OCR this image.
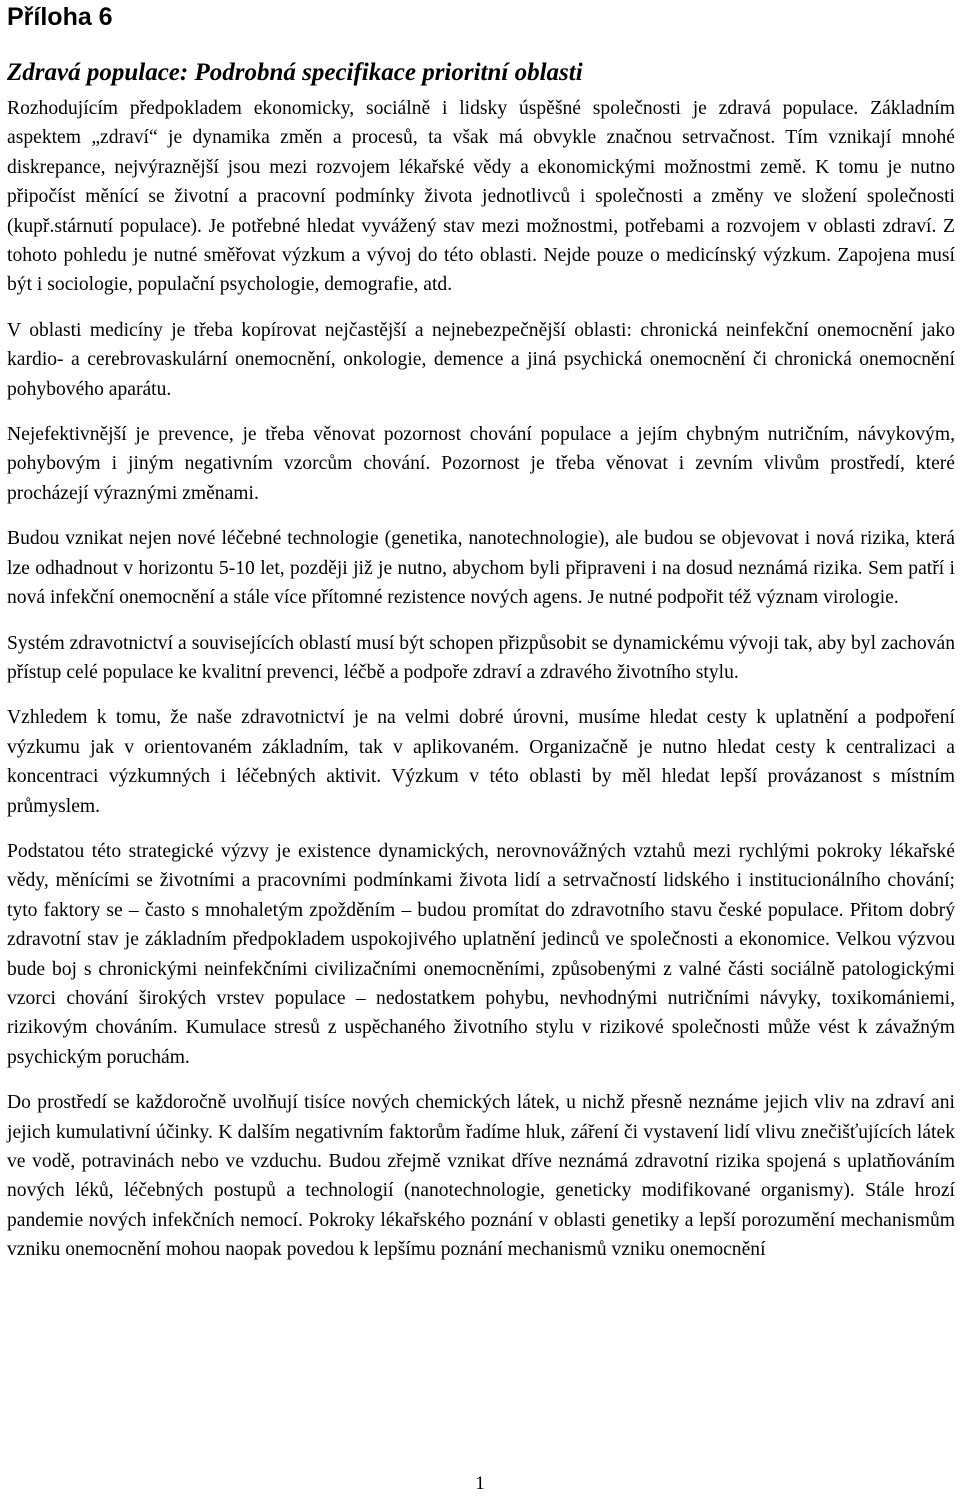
Příloha 6
Zdravá populace: Podrobná specifikace prioritní oblasti

Rozhodujícím předpokladem ekonomicky, sociálně i lidsky úspěšné společnosti je zdravá populace. Základním aspektem „zdraví“ je dynamika změn a procesů, ta však má obvykle značnou setrvačnost. Tím vznikají mnohé diskrepance, nejvýraznější jsou mezi rozvojem lékařské vědy a ekonomickými možnostmi země. K tomu je nutno připočíst měnící se životní a pracovní podmínky života jednotlivců i společnosti a změny ve složení společnosti (kupř.stárnutí populace). Je potřebné hledat vyvážený stav mezi možnostmi, potřebami a rozvojem v oblasti zdraví. Z tohoto pohledu je nutné směřovat výzkum a vývoj do této oblasti. Nejde pouze o medicínský výzkum. Zapojena musí být i sociologie, populační psychologie, demografie, atd.

V oblasti medicíny je třeba kopírovat nejčastější a nejnebezpečnější oblasti: chronická neinfekční onemocnění jako kardio- a cerebrovaskulární onemocnění, onkologie, demence a jiná psychická onemocnění či chronická onemocnění pohybového aparátu.

Nejefektivnější je prevence, je třeba věnovat pozornost chování populace a jejím chybným nutričním, návykovým, pohybovým i jiným negativním vzorcům chování. Pozornost je třeba věnovat i zevním vlivům prostředí, které procházejí výraznými změnami.

Budou vznikat nejen nové léčebné technologie (genetika, nanotechnologie), ale budou se objevovat i nová rizika, která lze odhadnout v horizontu 5-10 let, později již je nutno, abychom byli připraveni i na dosud neznámá rizika. Sem patří i nová infekční onemocnění a stále více přítomné rezistence nových agens. Je nutné podpořit též význam virologie.

Systém zdravotnictví a souvisejících oblastí musí být schopen přizpůsobit se dynamickému vývoji tak, aby byl zachován přístup celé populace ke kvalitní prevenci, léčbě a podpoře zdraví a zdravého životního stylu.

Vzhledem k tomu, že naše zdravotnictví je na velmi dobré úrovni, musíme hledat cesty k uplatnění a podpoření výzkumu jak v orientovaném základním, tak v aplikovaném. Organizačně je nutno hledat cesty k centralizaci a koncentraci výzkumných i léčebných aktivit. Výzkum v této oblasti by měl hledat lepší provázanost s místním průmyslem.

Podstatou této strategické výzvy je existence dynamických, nerovnovážných vztahů mezi rychlými pokroky lékařské vědy, měnícími se životními a pracovními podmínkami života lidí a setrvačností lidského i institucionálního chování; tyto faktory se – často s mnohaletým zpožděním – budou promítat do zdravotního stavu české populace. Přitom dobrý zdravotní stav je základním předpokladem uspokojivého uplatnění jedinců ve společnosti a ekonomice. Velkou výzvou bude boj s chronickými neinfekčními civilizačními onemocněními, způsobenými z valné části sociálně patologickými vzorci chování širokých vrstev populace – nedostatkem pohybu, nevhodnými nutričními návyky, toxikomániemi, rizikovým chováním. Kumulace stresů z uspěchaného životního stylu v rizikové společnosti může vést k závažným psychickým poruchám.

Do prostředí se každoročně uvolňují tisíce nových chemických látek, u nichž přesně neznáme jejich vliv na zdraví ani jejich kumulativní účinky. K dalším negativním faktorům řadíme hluk, záření či vystavení lidí vlivu znečišťujících látek ve vodě, potravinách nebo ve vzduchu. Budou zřejmě vznikat dříve neznámá zdravotní rizika spojená s uplatňováním nových léků, léčebných postupů a technologií (nanotechnologie, geneticky modifikované organismy). Stále hrozí pandemie nových infekčních nemocí. Pokroky lékařského poznání v oblasti genetiky a lepší porozumění mechanismům vzniku onemocnění mohou naopak povedou k lepšímu poznání mechanismů vzniku onemocnění

1
